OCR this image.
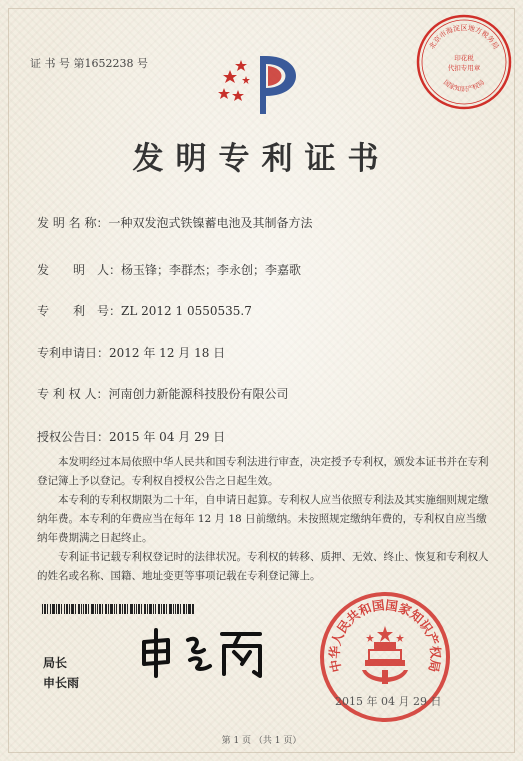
北京市海淀区地方税务局
印花税
代扣专用章
国家知识产权局
证 书 号 第1652238 号
发明专利证书
发 明 名 称：一种双发泡式铁镍蓄电池及其制备方法
发　　明　人：杨玉锋；李群杰；李永创；李嘉歌
专　　利　号：ZL 2012 1 0550535.7
专利申请日：2012 年 12 月 18 日
专 利 权 人：河南创力新能源科技股份有限公司
授权公告日：2015 年 04 月 29 日

本发明经过本局依照中华人民共和国专利法进行审查，决定授予专利权，颁发本证书并在专利登记簿上予以登记。专利权自授权公告之日起生效。

本专利的专利权期限为二十年，自申请日起算。专利权人应当依照专利法及其实施细则规定缴纳年费。本专利的年费应当在每年 12 月 18 日前缴纳。未按照规定缴纳年费的，专利权自应当缴纳年费期满之日起终止。

专利证书记载专利权登记时的法律状况。专利权的转移、质押、无效、终止、恢复和专利权人的姓名或名称、国籍、地址变更等事项记载在专利登记簿上。

局长
申长雨
中华人民共和国国家知识产权局
2015 年 04 月 29 日
第 1 页 （共 1 页）
